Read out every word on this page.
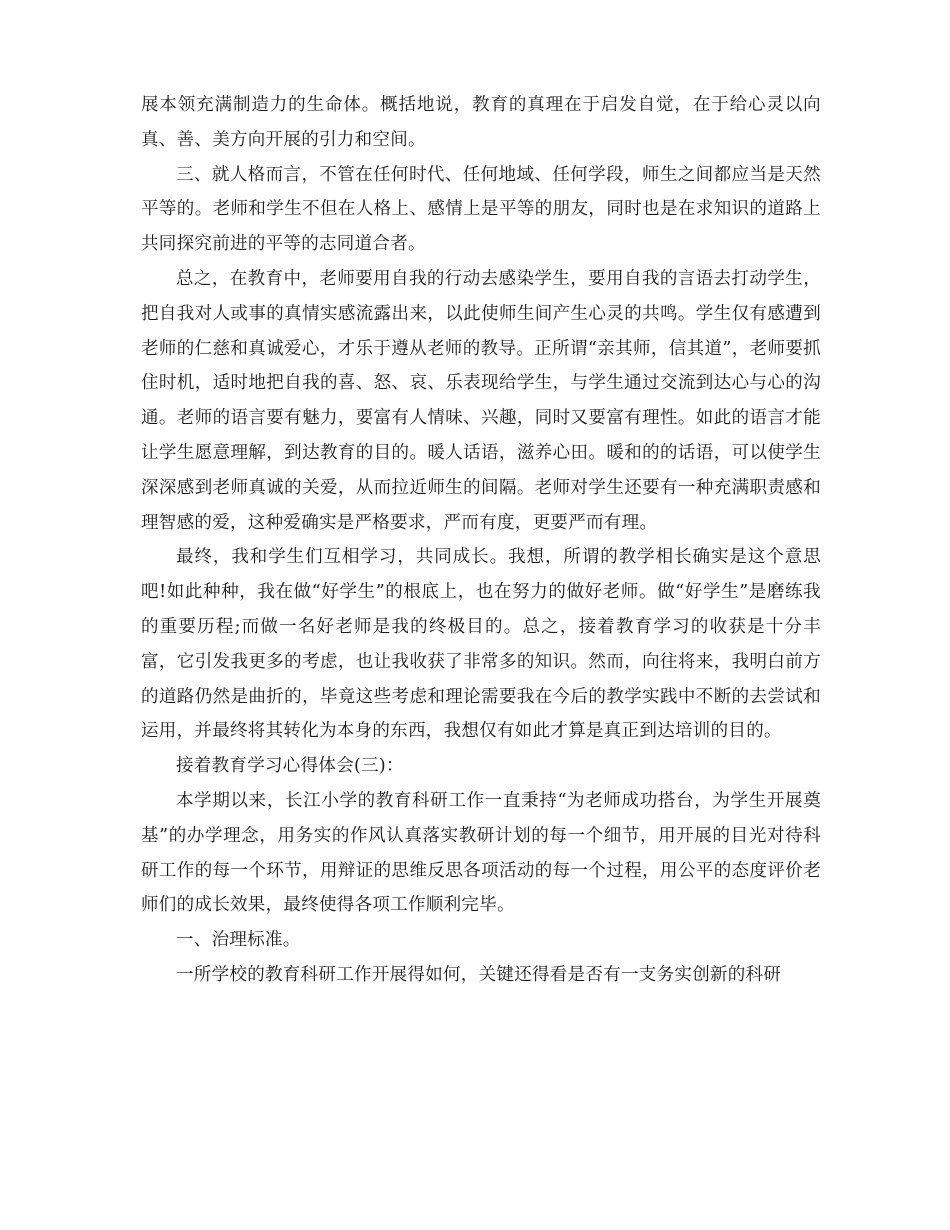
展本领充满制造力的生命体。概括地说，教育的真理在于启发自觉，在于给心灵以向真、善、美方向开展的引力和空间。

三、就人格而言，不管在任何时代、任何地域、任何学段，师生之间都应当是天然平等的。老师和学生不但在人格上、感情上是平等的朋友，同时也是在求知识的道路上共同探究前进的平等的志同道合者。

总之，在教育中，老师要用自我的行动去感染学生，要用自我的言语去打动学生，把自我对人或事的真情实感流露出来，以此使师生间产生心灵的共鸣。学生仅有感遭到老师的仁慈和真诚爱心，才乐于遵从老师的教导。正所谓“亲其师，信其道”，老师要抓住时机，适时地把自我的喜、怒、哀、乐表现给学生，与学生通过交流到达心与心的沟通。老师的语言要有魅力，要富有人情味、兴趣，同时又要富有理性。如此的语言才能让学生愿意理解，到达教育的目的。暖人话语，滋养心田。暖和的的话语，可以使学生深深感到老师真诚的关爱，从而拉近师生的间隔。老师对学生还要有一种充满职责感和理智感的爱，这种爱确实是严格要求，严而有度，更要严而有理。

最终，我和学生们互相学习，共同成长。我想，所谓的教学相长确实是这个意思吧!如此种种，我在做“好学生”的根底上，也在努力的做好老师。做“好学生”是磨练我的重要历程;而做一名好老师是我的终极目的。总之，接着教育学习的收获是十分丰富，它引发我更多的考虑，也让我收获了非常多的知识。然而，向往将来，我明白前方的道路仍然是曲折的，毕竟这些考虑和理论需要我在今后的教学实践中不断的去尝试和运用，并最终将其转化为本身的东西，我想仅有如此才算是真正到达培训的目的。

接着教育学习心得体会(三)：

本学期以来，长江小学的教育科研工作一直秉持“为老师成功搭台，为学生开展奠基”的办学理念，用务实的作风认真落实教研计划的每一个细节，用开展的目光对待科研工作的每一个环节，用辩证的思维反思各项活动的每一个过程，用公平的态度评价老师们的成长效果，最终使得各项工作顺利完毕。

一、治理标准。

一所学校的教育科研工作开展得如何，关键还得看是否有一支务实创新的科研
